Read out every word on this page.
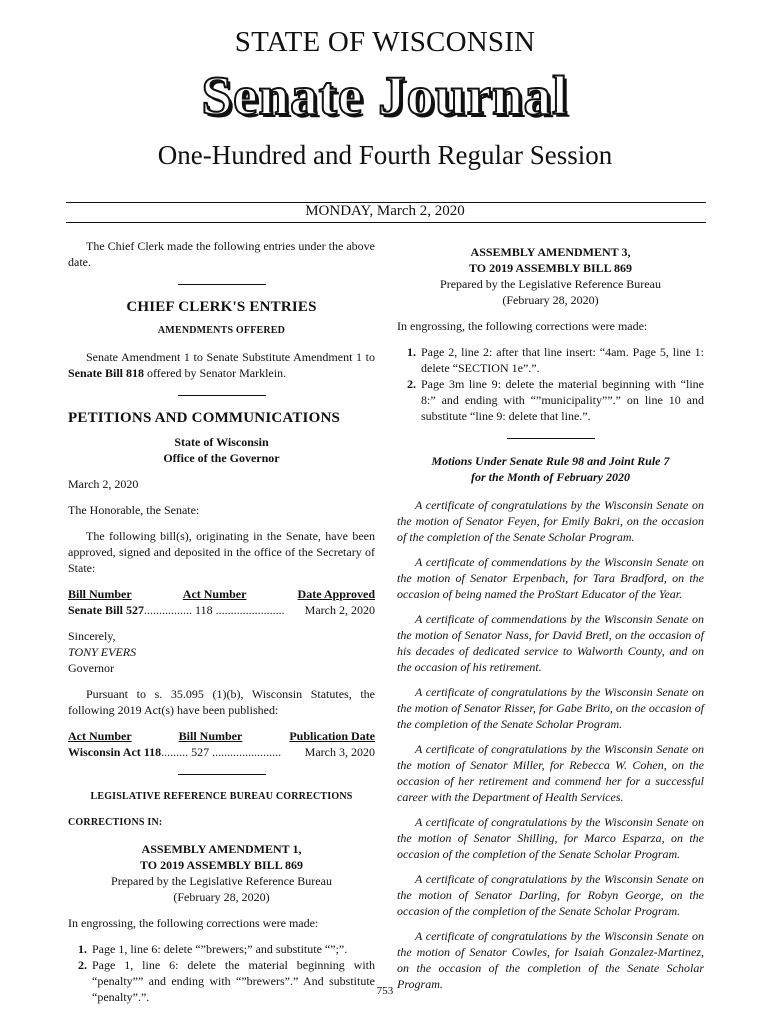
STATE OF WISCONSIN
Senate Journal
One-Hundred and Fourth Regular Session
MONDAY, March 2, 2020

The Chief Clerk made the following entries under the above date.

CHIEF CLERK'S ENTRIES
AMENDMENTS OFFERED

Senate Amendment 1 to Senate Substitute Amendment 1 to Senate Bill 818 offered by Senator Marklein.

PETITIONS AND COMMUNICATIONS
State of Wisconsin
Office of the Governor

March 2, 2020

The Honorable, the Senate:

The following bill(s), originating in the Senate, have been approved, signed and deposited in the office of the Secretary of State:

Bill Number	Act Number	Date Approved
Senate Bill 527 ................ 118 .......................	March 2, 2020
Sincerely,
TONY EVERS
Governor

Pursuant to s. 35.095 (1)(b), Wisconsin Statutes, the following 2019 Act(s) have been published:

Act Number	Bill Number	Publication Date
Wisconsin Act 118 ......... 527 .......................	March 3, 2020
LEGISLATIVE REFERENCE BUREAU CORRECTIONS
CORRECTIONS IN:
ASSEMBLY AMENDMENT 1,
TO 2019 ASSEMBLY BILL 869
Prepared by the Legislative Reference Bureau
(February 28, 2020)

In engrossing, the following corrections were made:

1. Page 1, line 6: delete “”brewers;” and substitute “”;”.
2. Page 1, line 6: delete the material beginning with “penalty”” and ending with “”brewers”.” And substitute “penalty”.”.
ASSEMBLY AMENDMENT 3,
TO 2019 ASSEMBLY BILL 869
Prepared by the Legislative Reference Bureau
(February 28, 2020)

In engrossing, the following corrections were made:

1. Page 2, line 2: after that line insert: “4am. Page 5, line 1: delete “SECTION 1e”.”.
2. Page 3m line 9: delete the material beginning with “line 8:” and ending with “”municipality””.” on line 10 and substitute “line 9: delete that line.”.
Motions Under Senate Rule 98 and Joint Rule 7
for the Month of February 2020

A certificate of congratulations by the Wisconsin Senate on the motion of Senator Feyen, for Emily Bakri, on the occasion of the completion of the Senate Scholar Program.

A certificate of commendations by the Wisconsin Senate on the motion of Senator Erpenbach, for Tara Bradford, on the occasion of being named the ProStart Educator of the Year.

A certificate of commendations by the Wisconsin Senate on the motion of Senator Nass, for David Bretl, on the occasion of his decades of dedicated service to Walworth County, and on the occasion of his retirement.

A certificate of congratulations by the Wisconsin Senate on the motion of Senator Risser, for Gabe Brito, on the occasion of the completion of the Senate Scholar Program.

A certificate of congratulations by the Wisconsin Senate on the motion of Senator Miller, for Rebecca W. Cohen, on the occasion of her retirement and commend her for a successful career with the Department of Health Services.

A certificate of congratulations by the Wisconsin Senate on the motion of Senator Shilling, for Marco Esparza, on the occasion of the completion of the Senate Scholar Program.

A certificate of congratulations by the Wisconsin Senate on the motion of Senator Darling, for Robyn George, on the occasion of the completion of the Senate Scholar Program.

A certificate of congratulations by the Wisconsin Senate on the motion of Senator Cowles, for Isaiah Gonzalez-Martinez, on the occasion of the completion of the Senate Scholar Program.

753
